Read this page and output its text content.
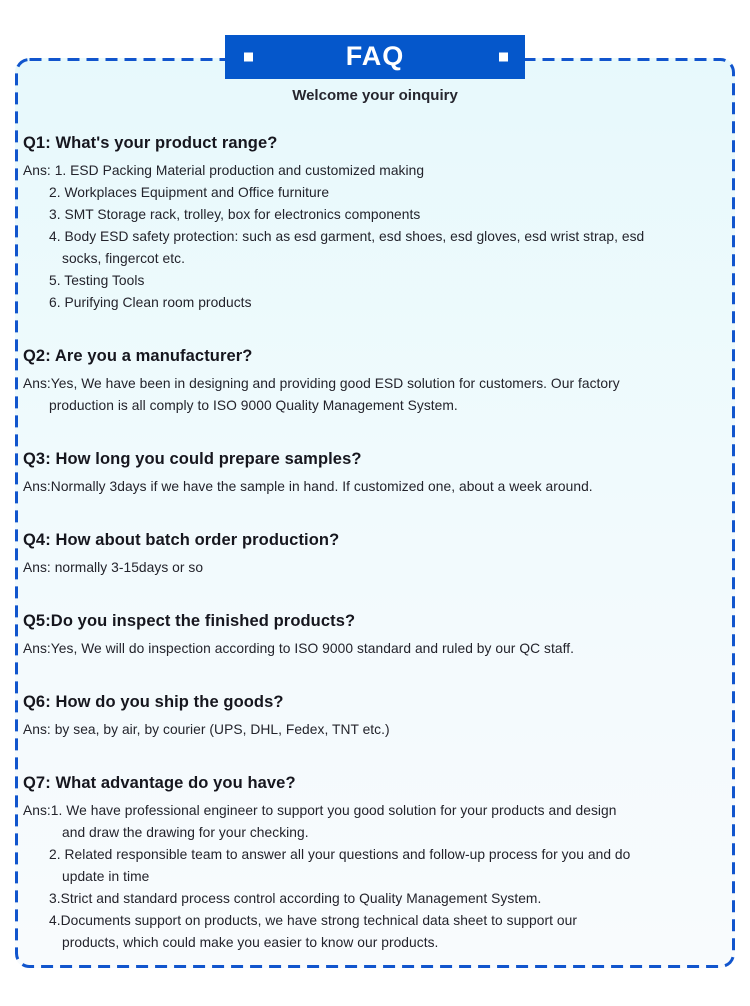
Welcome your oinquiry
Q1: What's your product range?
Ans: 1. ESD Packing Material production and customized making
2. Workplaces Equipment and Office furniture
3. SMT Storage rack, trolley, box for electronics components
4. Body ESD safety protection: such as esd garment, esd shoes, esd gloves, esd wrist strap, esd
socks, fingercot etc.
5. Testing Tools
6. Purifying Clean room products
Q2: Are you a manufacturer?
Ans:Yes, We have been in designing and providing good ESD solution for customers. Our factory
production is all comply to ISO 9000 Quality Management System.
Q3: How long you could prepare samples?
Ans:Normally 3days if we have the sample in hand. If customized one, about a week around.
Q4: How about batch order production?
Ans: normally 3-15days or so
Q5:Do you inspect the finished products?
Ans:Yes, We will do inspection according to ISO 9000 standard and ruled by our QC staff.
Q6: How do you ship the goods?
Ans: by sea, by air, by courier (UPS, DHL, Fedex, TNT etc.)
Q7: What advantage do you have?
Ans:1. We have professional engineer to support you good solution for your products and design
and draw the drawing for your checking.
2. Related responsible team to answer all your questions and follow-up process for you and do
update in time
3.Strict and standard process control according to Quality Management System.
4.Documents support on products, we have strong technical data sheet to support our
products, which could make you easier to know our products.
FAQ
